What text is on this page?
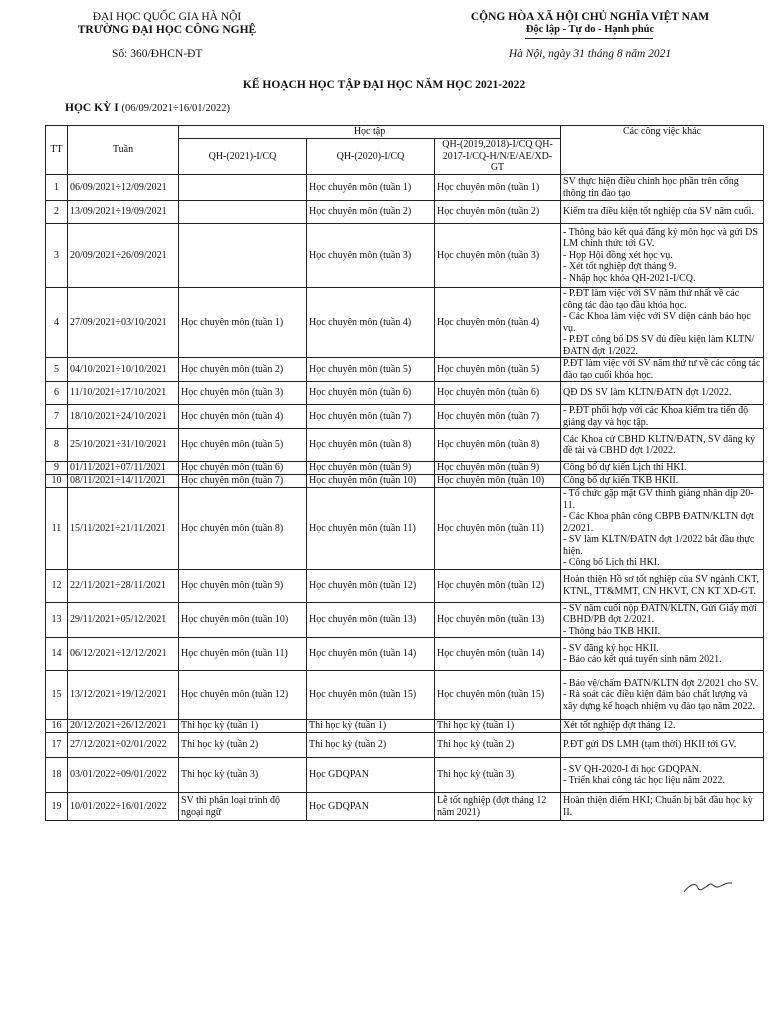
ĐẠI HỌC QUỐC GIA HÀ NỘI
TRƯỜNG ĐẠI HỌC CÔNG NGHỆ
Số: 360/ĐHCN-ĐT
CỘNG HÒA XÃ HỘI CHỦ NGHĨA VIỆT NAM
Độc lập - Tự do - Hạnh phúc
Hà Nội, ngày 31 tháng 8 năm 2021
KẾ HOẠCH HỌC TẬP ĐẠI HỌC NĂM HỌC 2021-2022
HỌC KỲ I (06/09/2021÷16/01/2022)
TT	Tuần	Học tập			Các công việc khác
		QH-(2021)-I/CQ	QH-(2020)-I/CQ	QH-(2019,2018)-I/CQ QH-2017-I/CQ-H/N/E/AE/XD-GT	
1	06/09/2021÷12/09/2021		Học chuyên môn (tuần 1)	Học chuyên môn (tuần 1)	SV thực hiện điều chỉnh học phần trên cổng thông tin đào tạo

2	13/09/2021÷19/09/2021		Học chuyên môn (tuần 2)	Học chuyên môn (tuần 2)	Kiểm tra điều kiện tốt nghiệp của SV năm cuối.

3	20/09/2021÷26/09/2021		Học chuyên môn (tuần 3)	Học chuyên môn (tuần 3)	- Thông báo kết quả đăng ký môn học và gửi DS LM chính thức tới GV.
- Họp Hội đồng xét học vụ.
- Xét tốt nghiệp đợt tháng 9.
- Nhập học khóa QH-2021-I/CQ.

4	27/09/2021÷03/10/2021	Học chuyên môn (tuần 1)	Học chuyên môn (tuần 4)	Học chuyên môn (tuần 4)	- P.ĐT làm việc với SV năm thứ nhất về các công tác đào tạo đầu khóa học.
- Các Khoa làm việc với SV diện cảnh báo học vụ.
- P.ĐT công bố DS SV đủ điều kiện làm KLTN/ĐATN đợt 1/2022.

5	04/10/2021÷10/10/2021	Học chuyên môn (tuần 2)	Học chuyên môn (tuần 5)	Học chuyên môn (tuần 5)	P.ĐT làm việc với SV năm thứ tư về các công tác đào tạo cuối khóa học.

6	11/10/2021÷17/10/2021	Học chuyên môn (tuần 3)	Học chuyên môn (tuần 6)	Học chuyên môn (tuần 6)	QĐ DS SV làm KLTN/ĐATN đợt 1/2022.

7	18/10/2021÷24/10/2021	Học chuyên môn (tuần 4)	Học chuyên môn (tuần 7)	Học chuyên môn (tuần 7)	- P.ĐT phối hợp với các Khoa kiểm tra tiến độ giảng dạy và học tập.

8	25/10/2021÷31/10/2021	Học chuyên môn (tuần 5)	Học chuyên môn (tuần 8)	Học chuyên môn (tuần 8)	Các Khoa cử CBHD KLTN/ĐATN, SV đăng ký đề tài và CBHD đợt 1/2022.

9	01/11/2021÷07/11/2021	Học chuyên môn (tuần 6)	Học chuyên môn (tuần 9)	Học chuyên môn (tuần 9)	Công bố dự kiến Lịch thi HKI.

10	08/11/2021÷14/11/2021	Học chuyên môn (tuần 7)	Học chuyên môn (tuần 10)	Học chuyên môn (tuần 10)	Công bố dự kiến TKB HKII.

11	15/11/2021÷21/11/2021	Học chuyên môn (tuần 8)	Học chuyên môn (tuần 11)	Học chuyên môn (tuần 11)	- Tổ chức gặp mặt GV thỉnh giảng nhân dịp 20-11.
- Các Khoa phân công CBPB ĐATN/KLTN đợt 2/2021.
- SV làm KLTN/ĐATN đợt 1/2022 bắt đầu thực hiện.
- Công bố Lịch thi HKI.

12	22/11/2021÷28/11/2021	Học chuyên môn (tuần 9)	Học chuyên môn (tuần 12)	Học chuyên môn (tuần 12)	Hoàn thiện Hồ sơ tốt nghiệp của SV ngành CKT, KTNL, TT&MMT, CN HKVT, CN KT XD-GT.

13	29/11/2021÷05/12/2021	Học chuyên môn (tuần 10)	Học chuyên môn (tuần 13)	Học chuyên môn (tuần 13)	- SV năm cuối nộp ĐATN/KLTN, Gửi Giấy mời CBHD/PB đợt 2/2021.
- Thông báo TKB HKII.

14	06/12/2021÷12/12/2021	Học chuyên môn (tuần 11)	Học chuyên môn (tuần 14)	Học chuyên môn (tuần 14)	- SV đăng ký học HKII.
- Báo cáo kết quả tuyển sinh năm 2021.

15	13/12/2021÷19/12/2021	Học chuyên môn (tuần 12)	Học chuyên môn (tuần 15)	Học chuyên môn (tuần 15)	- Bảo vệ/chấm ĐATN/KLTN đợt 2/2021 cho SV.
- Rà soát các điều kiện đảm bảo chất lượng và xây dựng kế hoạch nhiệm vụ đào tạo năm 2022.

16	20/12/2021÷26/12/2021	Thi học kỳ (tuần 1)	Thi học kỳ (tuần 1)	Thi học kỳ (tuần 1)	Xét tốt nghiệp đợt tháng 12.

17	27/12/2021÷02/01/2022	Thi học kỳ (tuần 2)	Thi học kỳ (tuần 2)	Thi học kỳ (tuần 2)	P.ĐT gửi DS LMH (tạm thời) HKII tới GV.

18	03/01/2022÷09/01/2022	Thi học kỳ (tuần 3)	Học GDQPAN	Thi học kỳ (tuần 3)	- SV QH-2020-I đi học GDQPAN.
- Triển khai công tác học liệu năm 2022.

19	10/01/2022÷16/01/2022	SV thi phân loại trình độ ngoại ngữ	Học GDQPAN	Lễ tốt nghiệp (đợt tháng 12 năm 2021)	Hoàn thiện điểm HKI; Chuẩn bị bắt đầu học kỳ II.
